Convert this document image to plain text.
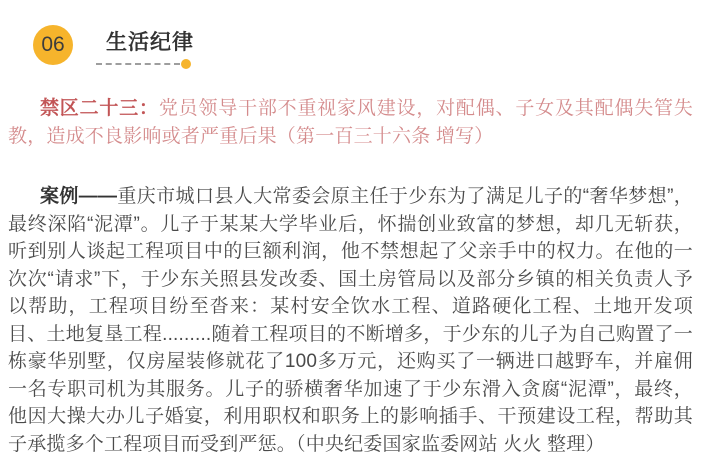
06	生活纪律

禁区二十三：党员领导干部不重视家风建设，对配偶、子女及其配偶失管失教，造成不良影响或者严重后果（第一百三十六条 增写）

案例——重庆市城口县人大常委会原主任于少东为了满足儿子的“奢华梦想”，最终深陷“泥潭”。儿子于某某大学毕业后，怀揣创业致富的梦想，却几无斩获，听到别人谈起工程项目中的巨额利润，他不禁想起了父亲手中的权力。在他的一次次“请求”下，于少东关照县发改委、国土房管局以及部分乡镇的相关负责人予以帮助，工程项目纷至沓来：某村安全饮水工程、道路硬化工程、土地开发项目、土地复垦工程.........随着工程项目的不断增多，于少东的儿子为自己购置了一栋豪华别墅，仅房屋装修就花了100多万元，还购买了一辆进口越野车，并雇佣一名专职司机为其服务。儿子的骄横奢华加速了于少东滑入贪腐“泥潭”，最终，他因大操大办儿子婚宴，利用职权和职务上的影响插手、干预建设工程，帮助其子承揽多个工程项目而受到严惩。（中央纪委国家监委网站 火火 整理）
